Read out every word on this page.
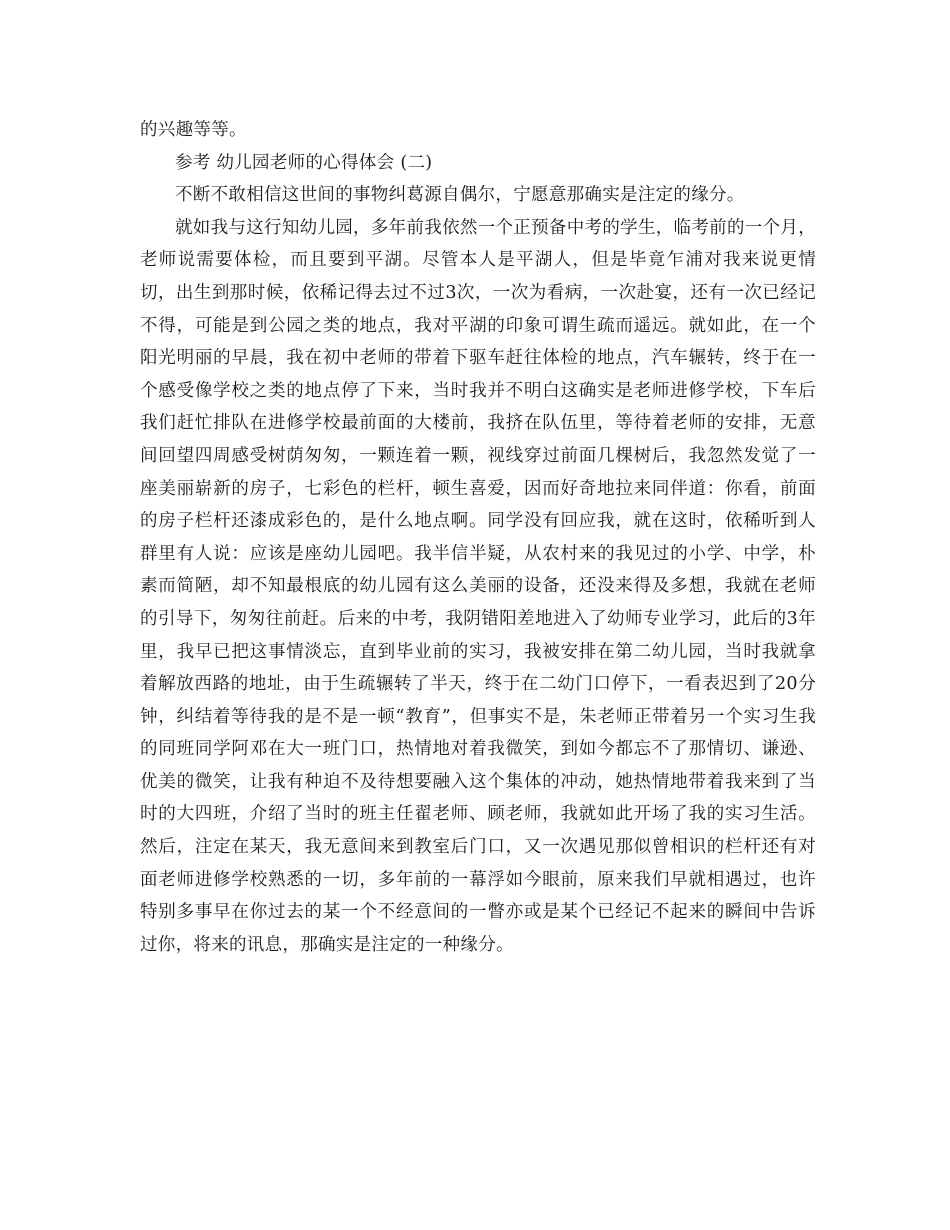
的兴趣等等。

参考 幼儿园老师的心得体会 (二)

不断不敢相信这世间的事物纠葛源自偶尔，宁愿意那确实是注定的缘分。

就如我与这行知幼儿园，多年前我依然一个正预备中考的学生，临考前的一个月，老师说需要体检，而且要到平湖。尽管本人是平湖人，但是毕竟乍浦对我来说更情切，出生到那时候，依稀记得去过不过3次，一次为看病，一次赴宴，还有一次已经记不得，可能是到公园之类的地点，我对平湖的印象可谓生疏而遥远。就如此，在一个阳光明丽的早晨，我在初中老师的带着下驱车赶往体检的地点，汽车辗转，终于在一个感受像学校之类的地点停了下来，当时我并不明白这确实是老师进修学校，下车后我们赶忙排队在进修学校最前面的大楼前，我挤在队伍里，等待着老师的安排，无意间回望四周感受树荫匆匆，一颗连着一颗，视线穿过前面几棵树后，我忽然发觉了一座美丽崭新的房子，七彩色的栏杆，顿生喜爱，因而好奇地拉来同伴道：你看，前面的房子栏杆还漆成彩色的，是什么地点啊。同学没有回应我，就在这时，依稀听到人群里有人说：应该是座幼儿园吧。我半信半疑，从农村来的我见过的小学、中学，朴素而简陋，却不知最根底的幼儿园有这么美丽的设备，还没来得及多想，我就在老师的引导下，匆匆往前赶。后来的中考，我阴错阳差地进入了幼师专业学习，此后的3年里，我早已把这事情淡忘，直到毕业前的实习，我被安排在第二幼儿园，当时我就拿着解放西路的地址，由于生疏辗转了半天，终于在二幼门口停下，一看表迟到了20分钟，纠结着等待我的是不是一顿“教育”，但事实不是，朱老师正带着另一个实习生我的同班同学阿邓在大一班门口，热情地对着我微笑，到如今都忘不了那情切、谦逊、优美的微笑，让我有种迫不及待想要融入这个集体的冲动，她热情地带着我来到了当时的大四班，介绍了当时的班主任翟老师、顾老师，我就如此开场了我的实习生活。然后，注定在某天，我无意间来到教室后门口，又一次遇见那似曾相识的栏杆还有对面老师进修学校熟悉的一切，多年前的一幕浮如今眼前，原来我们早就相遇过，也许特别多事早在你过去的某一个不经意间的一瞥亦或是某个已经记不起来的瞬间中告诉过你，将来的讯息，那确实是注定的一种缘分。
